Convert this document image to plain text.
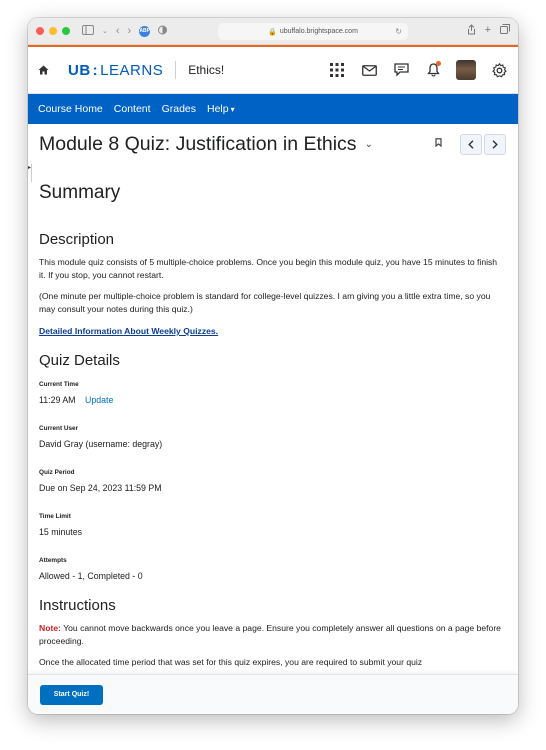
⌄ ‹ › ABP	🔒 ubuffalo.brightspace.com	↻	+
UB : LEARNS Ethics!
Course Home Content Grades Help ▾
Module 8 Quiz: Justification in Ethics ⌄
Summary
Description

This module quiz consists of 5 multiple-choice problems. Once you begin this module quiz, you have 15 minutes to finish it. If you stop, you cannot restart.

(One minute per multiple-choice problem is standard for college-level quizzes. I am giving you a little extra time, so you may consult your notes during this quiz.)

Detailed Information About Weekly Quizzes.
Quiz Details
Current Time
11:29 AM Update
Current User
David Gray (username: degray)
Quiz Period
Due on Sep 24, 2023 11:59 PM
Time Limit
15 minutes
Attempts
Allowed - 1, Completed - 0
Instructions

Note: You cannot move backwards once you leave a page. Ensure you completely answer all questions on a page before proceeding.

Once the allocated time period that was set for this quiz expires, you are required to submit your quiz

▸
Start Quiz!
